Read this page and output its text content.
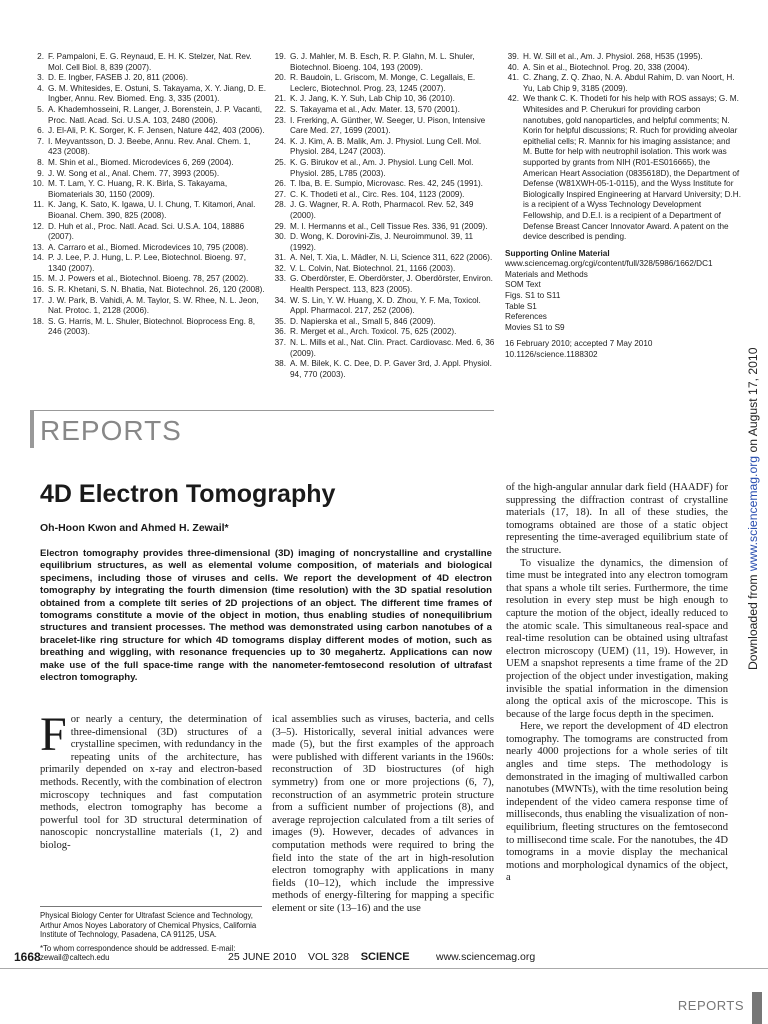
2. F. Pampaloni, E. G. Reynaud, E. H. K. Stelzer, Nat. Rev. Mol. Cell Biol. 8, 839 (2007).
3. D. E. Ingber, FASEB J. 20, 811 (2006).
4. G. M. Whitesides, E. Ostuni, S. Takayama, X. Y. Jiang, D. E. Ingber, Annu. Rev. Biomed. Eng. 3, 335 (2001).
5. A. Khademhosseini, R. Langer, J. Borenstein, J. P. Vacanti, Proc. Natl. Acad. Sci. U.S.A. 103, 2480 (2006).
6. J. El-Ali, P. K. Sorger, K. F. Jensen, Nature 442, 403 (2006).
7. I. Meyvantsson, D. J. Beebe, Annu. Rev. Anal. Chem. 1, 423 (2008).
8. M. Shin et al., Biomed. Microdevices 6, 269 (2004).
9. J. W. Song et al., Anal. Chem. 77, 3993 (2005).
10. M. T. Lam, Y. C. Huang, R. K. Birla, S. Takayama, Biomaterials 30, 1150 (2009).
11. K. Jang, K. Sato, K. Igawa, U. I. Chung, T. Kitamori, Anal. Bioanal. Chem. 390, 825 (2008).
12. D. Huh et al., Proc. Natl. Acad. Sci. U.S.A. 104, 18886 (2007).
13. A. Carraro et al., Biomed. Microdevices 10, 795 (2008).
14. P. J. Lee, P. J. Hung, L. P. Lee, Biotechnol. Bioeng. 97, 1340 (2007).
15. M. J. Powers et al., Biotechnol. Bioeng. 78, 257 (2002).
16. S. R. Khetani, S. N. Bhatia, Nat. Biotechnol. 26, 120 (2008).
17. J. W. Park, B. Vahidi, A. M. Taylor, S. W. Rhee, N. L. Jeon, Nat. Protoc. 1, 2128 (2006).
18. S. G. Harris, M. L. Shuler, Biotechnol. Bioprocess Eng. 8, 246 (2003).
19. G. J. Mahler, M. B. Esch, R. P. Glahn, M. L. Shuler, Biotechnol. Bioeng. 104, 193 (2009).
20. R. Baudoin, L. Griscom, M. Monge, C. Legallais, E. Leclerc, Biotechnol. Prog. 23, 1245 (2007).
21. K. J. Jang, K. Y. Suh, Lab Chip 10, 36 (2010).
22. S. Takayama et al., Adv. Mater. 13, 570 (2001).
23. I. Frerking, A. Günther, W. Seeger, U. Pison, Intensive Care Med. 27, 1699 (2001).
24. K. J. Kim, A. B. Malik, Am. J. Physiol. Lung Cell. Mol. Physiol. 284, L247 (2003).
25. K. G. Birukov et al., Am. J. Physiol. Lung Cell. Mol. Physiol. 285, L785 (2003).
26. T. Iba, B. E. Sumpio, Microvasc. Res. 42, 245 (1991).
27. C. K. Thodeti et al., Circ. Res. 104, 1123 (2009).
28. J. G. Wagner, R. A. Roth, Pharmacol. Rev. 52, 349 (2000).
29. M. I. Hermanns et al., Cell Tissue Res. 336, 91 (2009).
30. D. Wong, K. Dorovini-Zis, J. Neuroimmunol. 39, 11 (1992).
31. A. Nel, T. Xia, L. Mädler, N. Li, Science 311, 622 (2006).
32. V. L. Colvin, Nat. Biotechnol. 21, 1166 (2003).
33. G. Oberdörster, E. Oberdörster, J. Oberdörster, Environ. Health Perspect. 113, 823 (2005).
34. W. S. Lin, Y. W. Huang, X. D. Zhou, Y. F. Ma, Toxicol. Appl. Pharmacol. 217, 252 (2006).
35. D. Napierska et al., Small 5, 846 (2009).
36. R. Merget et al., Arch. Toxicol. 75, 625 (2002).
37. N. L. Mills et al., Nat. Clin. Pract. Cardiovasc. Med. 6, 36 (2009).
38. A. M. Bilek, K. C. Dee, D. P. Gaver 3rd, J. Appl. Physiol. 94, 770 (2003).
39. H. W. Sill et al., Am. J. Physiol. 268, H535 (1995).
40. A. Sin et al., Biotechnol. Prog. 20, 338 (2004).
41. C. Zhang, Z. Q. Zhao, N. A. Abdul Rahim, D. van Noort, H. Yu, Lab Chip 9, 3185 (2009).
42. We thank C. K. Thodeti for his help with ROS assays; G. M. Whitesides and P. Cherukuri for providing carbon nanotubes, gold nanoparticles, and helpful comments; N. Korin for helpful discussions; R. Ruch for providing alveolar epithelial cells; R. Mannix for his imaging assistance; and M. Butte for help with neutrophil isolation. This work was supported by grants from NIH (R01-ES016665), the American Heart Association (0835618D), the Department of Defense (W81XWH-05-1-0115), and the Wyss Institute for Biologically Inspired Engineering at Harvard University; D.H. is a recipient of a Wyss Technology Development Fellowship, and D.E.I. is a recipient of a Department of Defense Breast Cancer Innovator Award. A patent on the device described is pending.
Supporting Online Material
www.sciencemag.org/cgi/content/full/328/5986/1662/DC1
Materials and Methods
SOM Text
Figs. S1 to S11
Table S1
References
Movies S1 to S9
16 February 2010; accepted 7 May 2010
10.1126/science.1188302
REPORTS
4D Electron Tomography
Oh-Hoon Kwon and Ahmed H. Zewail*
Electron tomography provides three-dimensional (3D) imaging of noncrystalline and crystalline equilibrium structures, as well as elemental volume composition, of materials and biological specimens, including those of viruses and cells. We report the development of 4D electron tomography by integrating the fourth dimension (time resolution) with the 3D spatial resolution obtained from a complete tilt series of 2D projections of an object. The different time frames of tomograms constitute a movie of the object in motion, thus enabling studies of nonequilibrium structures and transient processes. The method was demonstrated using carbon nanotubes of a bracelet-like ring structure for which 4D tomograms display different modes of motion, such as breathing and wiggling, with resonance frequencies up to 30 megahertz. Applications can now make use of the full space-time range with the nanometer-femtosecond resolution of ultrafast electron tomography.
For nearly a century, the determination of three-dimensional (3D) structures of a crystalline specimen, with redundancy in the repeating units of the architecture, has primarily depended on x-ray and electron-based methods. Recently, with the combination of electron microscopy techniques and fast computation methods, electron tomography has become a powerful tool for 3D structural determination of nanoscopic noncrystalline materials (1, 2) and biolog-
ical assemblies such as viruses, bacteria, and cells (3–5). Historically, several initial advances were made (5), but the first examples of the approach were published with different variants in the 1960s: reconstruction of 3D biostructures (of high symmetry) from one or more projections (6, 7), reconstruction of an asymmetric protein structure from a sufficient number of projections (8), and average reprojection calculated from a tilt series of images (9). However, decades of advances in computation methods were required to bring the field into the state of the art in high-resolution electron tomography with applications in many fields (10–12), which include the impressive methods of energy-filtering for mapping a specific element or site (13–16) and the use

of the high-angular annular dark field (HAADF) for suppressing the diffraction contrast of crystalline materials (17, 18). In all of these studies, the tomograms obtained are those of a static object representing the time-averaged equilibrium state of the structure.

To visualize the dynamics, the dimension of time must be integrated into any electron tomogram that spans a whole tilt series. Furthermore, the time resolution in every step must be high enough to capture the motion of the object, ideally reduced to the atomic scale. This simultaneous real-space and real-time resolution can be obtained using ultrafast electron microscopy (UEM) (11, 19). However, in UEM a snapshot represents a time frame of the 2D projection of the object under investigation, making invisible the spatial information in the dimension along the optical axis of the microscope. This is because of the large focus depth in the specimen.

Here, we report the development of 4D electron tomography. The tomograms are constructed from nearly 4000 projections for a whole series of tilt angles and time steps. The methodology is demonstrated in the imaging of multiwalled carbon nanotubes (MWNTs), with the time resolution being independent of the video camera response time of milliseconds, thus enabling the visualization of non-equilibrium, fleeting structures on the femtosecond to millisecond time scale. For the nanotubes, the 4D tomograms in a movie display the mechanical motions and morphological dynamics of the object, a

Physical Biology Center for Ultrafast Science and Technology, Arthur Amos Noyes Laboratory of Chemical Physics, California Institute of Technology, Pasadena, CA 91125, USA.

*To whom correspondence should be addressed. E-mail: zewail@caltech.edu

1668	25 JUNE 2010 VOL 328 SCIENCE	www.sciencemag.org
REPORTS
Downloaded from www.sciencemag.org on August 17, 2010
